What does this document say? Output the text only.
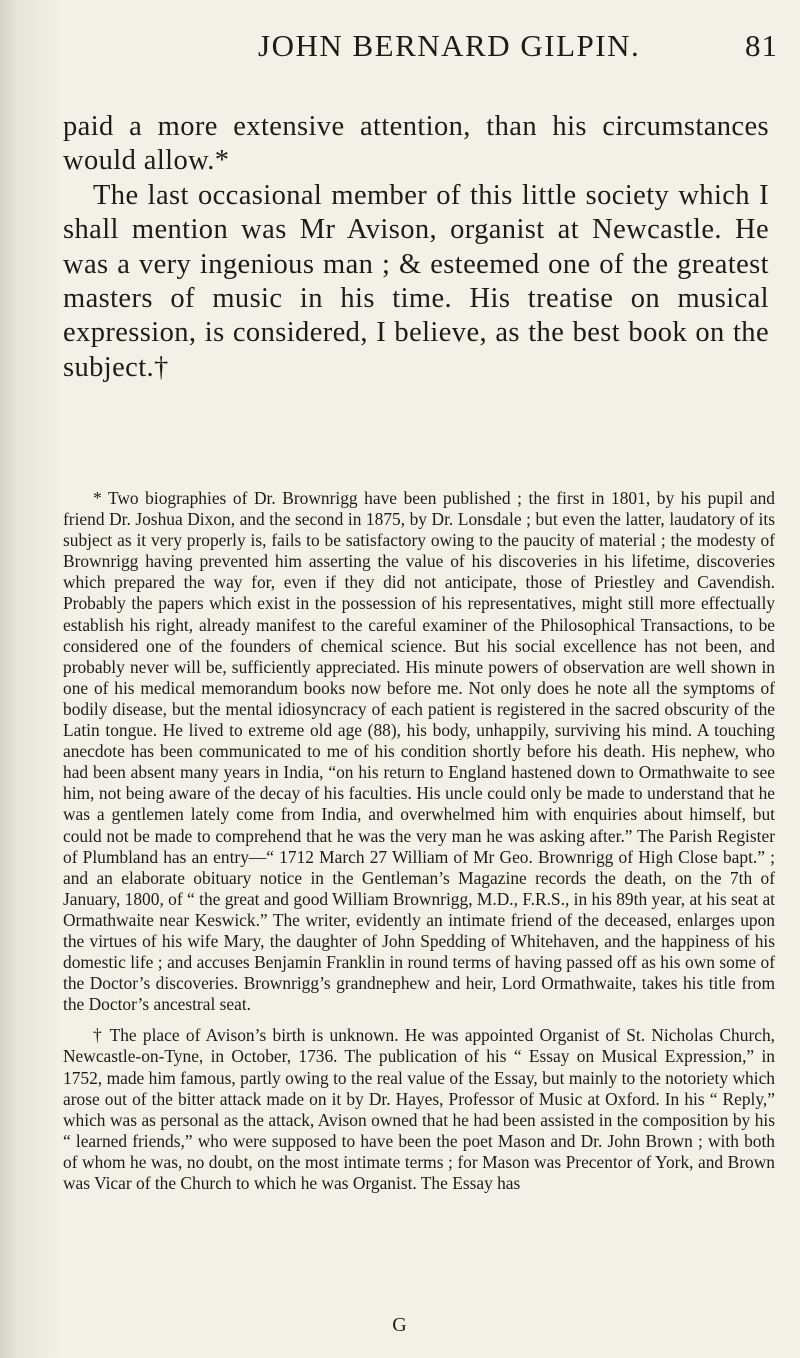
JOHN BERNARD GILPIN.	81

paid a more extensive attention, than his circumstances would allow.*

The last occasional member of this little society which I shall mention was Mr Avison, organist at Newcastle. He was a very ingenious man ; & esteemed one of the greatest masters of music in his time. His treatise on musical expression, is considered, I believe, as the best book on the subject.†

* Two biographies of Dr. Brownrigg have been published ; the first in 1801, by his pupil and friend Dr. Joshua Dixon, and the second in 1875, by Dr. Lonsdale ; but even the latter, laudatory of its subject as it very properly is, fails to be satisfactory owing to the paucity of material ; the modesty of Brownrigg having prevented him asserting the value of his discoveries in his lifetime, discoveries which prepared the way for, even if they did not anticipate, those of Priestley and Cavendish. Probably the papers which exist in the possession of his representatives, might still more effectually establish his right, already manifest to the careful examiner of the Philosophical Transactions, to be considered one of the founders of chemical science. But his social excellence has not been, and probably never will be, sufficiently appreciated. His minute powers of observation are well shown in one of his medical memorandum books now before me. Not only does he note all the symptoms of bodily disease, but the mental idiosyncracy of each patient is registered in the sacred obscurity of the Latin tongue. He lived to extreme old age (88), his body, unhappily, surviving his mind. A touching anecdote has been communicated to me of his condition shortly before his death. His nephew, who had been absent many years in India, “on his return to England hastened down to Ormathwaite to see him, not being aware of the decay of his faculties. His uncle could only be made to understand that he was a gentlemen lately come from India, and overwhelmed him with enquiries about himself, but could not be made to comprehend that he was the very man he was asking after.” The Parish Register of Plumbland has an entry—“ 1712 March 27 William of Mr Geo. Brownrigg of High Close bapt.” ; and an elaborate obituary notice in the Gentleman’s Magazine records the death, on the 7th of January, 1800, of “ the great and good William Brownrigg, M.D., F.R.S., in his 89th year, at his seat at Ormathwaite near Keswick.” The writer, evidently an intimate friend of the deceased, enlarges upon the virtues of his wife Mary, the daughter of John Spedding of Whitehaven, and the happiness of his domestic life ; and accuses Benjamin Franklin in round terms of having passed off as his own some of the Doctor’s discoveries. Brownrigg’s grandnephew and heir, Lord Ormathwaite, takes his title from the Doctor’s ancestral seat.

† The place of Avison’s birth is unknown. He was appointed Organist of St. Nicholas Church, Newcastle-on-Tyne, in October, 1736. The publication of his “ Essay on Musical Expression,” in 1752, made him famous, partly owing to the real value of the Essay, but mainly to the notoriety which arose out of the bitter attack made on it by Dr. Hayes, Professor of Music at Oxford. In his “ Reply,” which was as personal as the attack, Avison owned that he had been assisted in the composition by his “ learned friends,” who were supposed to have been the poet Mason and Dr. John Brown ; with both of whom he was, no doubt, on the most intimate terms ; for Mason was Precentor of York, and Brown was Vicar of the Church to which he was Organist. The Essay has

G
